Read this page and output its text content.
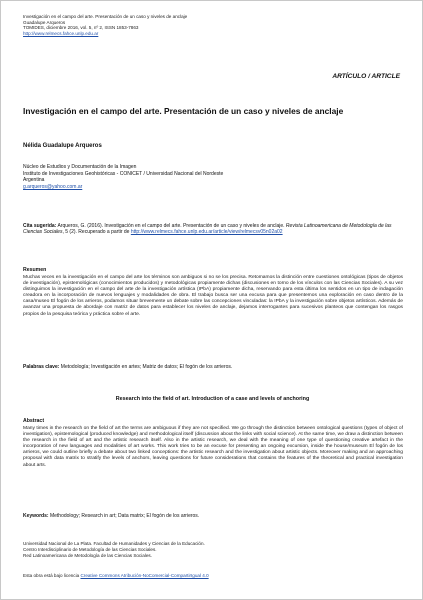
Investigación en el campo del arte. Presentación de un caso y niveles de anclaje
Guadalupe Arqueros
TOMIDES, diciembre 2016, vol. 5, nº 2, ISSN 1853-7863
http://www.relmecs.fahce.unlp.edu.ar
ARTÍCULO / ARTICLE
Investigación en el campo del arte. Presentación de un caso y niveles de anclaje
Nélida Guadalupe Arqueros
Núcleo de Estudios y Documentación de la Imagen
Instituto de Investigaciones Geohistóricas - CONICET / Universidad Nacional del Nordeste
Argentina
g.arqueros@yahoo.com.ar
Cita sugerida: Arqueros, G. (2016). Investigación en el campo del arte. Presentación de un caso y niveles de anclaje. Revista Latinoamericana de Metodología de las Ciencias Sociales, 5 (2). Recuperado a partir de http://www.relmecs.fahce.unlp.edu.ar/article/view/relmecsv05n02a02
Resumen
Muchas veces en la investigación en el campo del arte los términos son ambiguos si no se los precisa. Retomamos la distinción entre cuestiones ontológicas (tipos de objetos de investigación), epistemológicas (conocimientos producidos) y metodológicas propiamente dichas (discusiones en torno de los vínculos con las Ciencias Sociales). A su vez distinguimos la investigación en el campo del arte de la investigación artística (IPbA) propiamente dicha, reservando para esta última los sentidos en un tipo de indagación creadora en la incorporación de nuevos lenguajes y modalidades de obra. El trabajo busca ser una excusa para que presentemos una exploración en caso dentro de la casa/museo El fogón de los arrieros, podamos situar brevemente un debate sobre las concepciones vinculadas: la IPbA y la investigación sobre objetos artísticos. Además de avanzar una propuesta de abordaje con matriz de datos para establecer los niveles de anclaje, dejamos interrogantes para sucesivos planteos que contengan los rasgos propios de la pesquisa teórica y práctica sobre el arte.
Palabras clave: Metodología; Investigación en artes; Matriz de datos; El fogón de los arrieros.
Research into the field of art. Introduction of a case and levels of anchoring
Abstract
Many times in the research on the field of art the terms are ambiguous if they are not specified. We go through the distinction between ontological questions (types of object of investigation), epistemological (produced knowledge) and methodological itself (discussion about the links with social science). At the same time, we draw a distinction between the research in the field of art and the artistic research itself. Also in the artistic research, we deal with the meaning of one type of questioning creative artefact in the incorporation of new languages and modalities of art works. This work tries to be an excuse for presenting an ongoing excursion, inside the house/museum El fogón de los arrieros, we could outline briefly a debate about two linked conceptions: the artistic research and the investigation about artistic objects. Moreover making and an approaching proposal with data matrix to stratify the levels of anchors, leaving questions for future considerations that contains the features of the theoretical and practical investigation about arts.
Keywords: Methodology; Research in art; Data matrix; El fogón de los arrieros.
Universidad Nacional de La Plata. Facultad de Humanidades y Ciencias de la Educación.
Centro Interdisciplinario de Metodología de las Ciencias Sociales.
Red Latinoamericana de Metodología de las Ciencias Sociales.
Esta obra está bajo licencia Creative Commons Atribución-NoComercial-CompartirIgual 4.0
